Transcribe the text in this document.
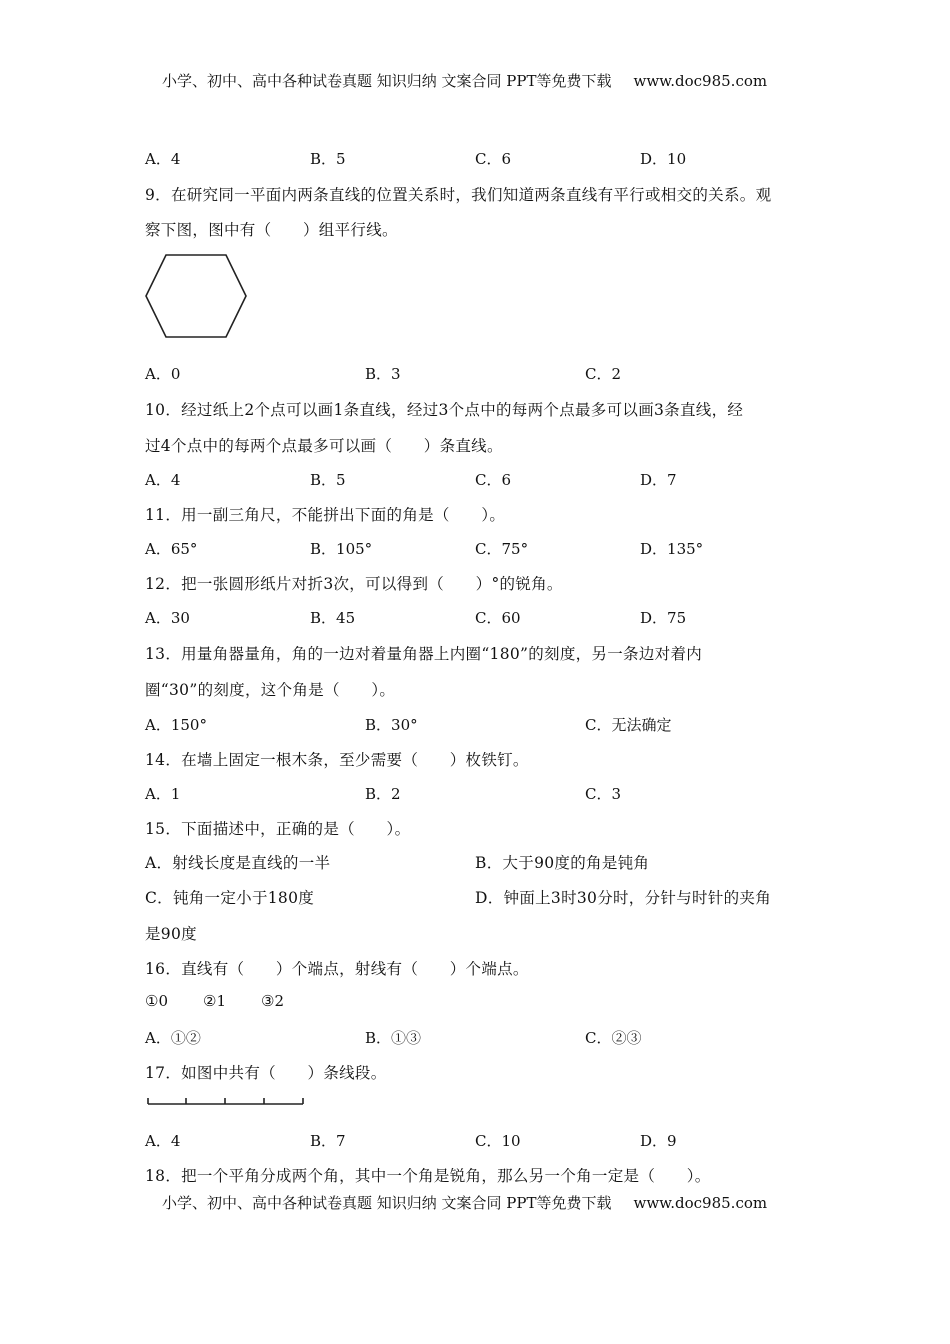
小学、初中、高中各种试卷真题 知识归纳 文案合同 PPT等免费下载 www.doc985.com
A．4	B．5	C．6	D．10
9．在研究同一平面内两条直线的位置关系时，我们知道两条直线有平行或相交的关系。观
察下图，图中有（　　）组平行线。
A．0	B．3	C．2
10．经过纸上2个点可以画1条直线，经过3个点中的每两个点最多可以画3条直线，经
过4个点中的每两个点最多可以画（　　）条直线。
A．4	B．5	C．6	D．7
11．用一副三角尺，不能拼出下面的角是（　　）。
A．65°	B．105°	C．75°	D．135°
12．把一张圆形纸片对折3次，可以得到（　　）°的锐角。
A．30	B．45	C．60	D．75
13．用量角器量角，角的一边对着量角器上内圈“180”的刻度，另一条边对着内
圈“30”的刻度，这个角是（　　）。
A．150°	B．30°	C．无法确定
14．在墙上固定一根木条，至少需要（　　）枚铁钉。
A．1	B．2	C．3
15．下面描述中，正确的是（　　）。
A．射线长度是直线的一半	B．大于90度的角是钝角
C．钝角一定小于180度	D．钟面上3时30分时，分针与时针的夹角
是90度
16．直线有（　　）个端点，射线有（　　）个端点。
①0 ②1 ③2
A．①②	B．①③	C．②③
17．如图中共有（　　）条线段。
A．4	B．7	C．10	D．9
18．把一个平角分成两个角，其中一个角是锐角，那么另一个角一定是（　　）。
小学、初中、高中各种试卷真题 知识归纳 文案合同 PPT等免费下载 www.doc985.com
